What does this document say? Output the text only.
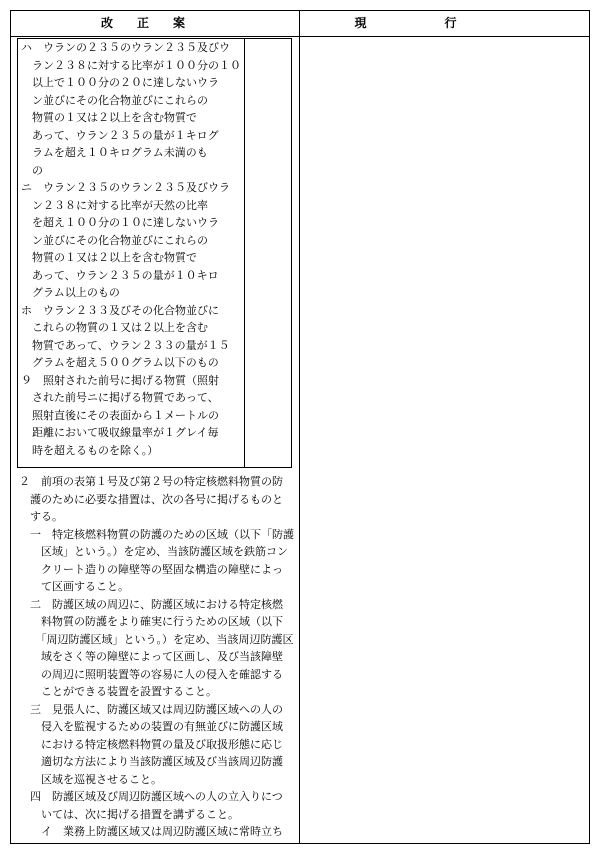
改正案	現行
ハ　ウランの２３５のウラン２３５及びウ
　ラン２３８に対する比率が１００分の１０
　以上で１００分の２０に達しないウラ
　ン並びにその化合物並びにこれらの
　物質の１又は２以上を含む物質で
　あって、ウラン２３５の量が１キログ
　ラムを超え１０キログラム未満のも
　の
ニ　ウラン２３５のウラン２３５及びウラ
　ン２３８に対する比率が天然の比率
　を超え１００分の１０に達しないウラ
　ン並びにその化合物並びにこれらの
　物質の１又は２以上を含む物質で
　あって、ウラン２３５の量が１０キロ
　グラム以上のもの
ホ　ウラン２３３及びその化合物並びに
　これらの物質の１又は２以上を含む
　物質であって、ウラン２３３の量が１５
　グラムを超え５００グラム以下のもの
９　照射された前号に掲げる物質（照射
　された前号ニに掲げる物質であって、
　照射直後にその表面から１メートルの
　距離において吸収線量率が１グレイ毎
　時を超えるものを除く。）
２　前項の表第１号及び第２号の特定核燃料物質の防
　護のために必要な措置は、次の各号に掲げるものと
　する。
　一　特定核燃料物質の防護のための区域（以下「防護
　　区域」という。）を定め、当該防護区域を鉄筋コン
　　クリート造りの障壁等の堅固な構造の障壁によっ
　　て区画すること。
　二　防護区域の周辺に、防護区域における特定核燃
　　料物質の防護をより確実に行うための区域（以下
　　「周辺防護区域」という。）を定め、当該周辺防護区
　　域をさく等の障壁によって区画し、及び当該障壁
　　の周辺に照明装置等の容易に人の侵入を確認する
　　ことができる装置を設置すること。
　三　見張人に、防護区域又は周辺防護区域への人の
　　侵入を監視するための装置の有無並びに防護区域
　　における特定核燃料物質の量及び取扱形態に応じ
　　適切な方法により当該防護区域及び当該周辺防護
　　区域を巡視させること。
　四　防護区域及び周辺防護区域への人の立入りにつ
　　いては、次に掲げる措置を講ずること。
　　イ　業務上防護区域又は周辺防護区域に常時立ち
